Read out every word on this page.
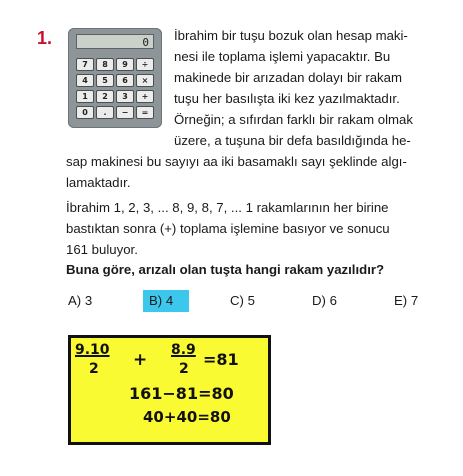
1.	0
7	8	9	÷
4	5	6	×
1	2	3	+
0	.	−	=
İbrahim bir tuşu bozuk olan hesap maki-
nesi ile toplama işlemi yapacaktır. Bu
makinede bir arızadan dolayı bir rakam
tuşu her basılışta iki kez yazılmaktadır.
Örneğin; a sıfırdan farklı bir rakam olmak
üzere, a tuşuna bir defa basıldığında he-
sap makinesi bu sayıyı aa iki basamaklı sayı şeklinde algı-
lamaktadır.
İbrahim 1, 2, 3, ... 8, 9, 8, 7, ... 1 rakamlarının her birine
bastıktan sonra (+) toplama işlemine basıyor ve sonucu
161 buluyor.
Buna göre, arızalı olan tuşta hangi rakam yazılıdır?
A) 3	B) 4	C) 5	D) 6	E) 7
9.10
2 + 8.9
2 =81
161−81=80
40+40=80
